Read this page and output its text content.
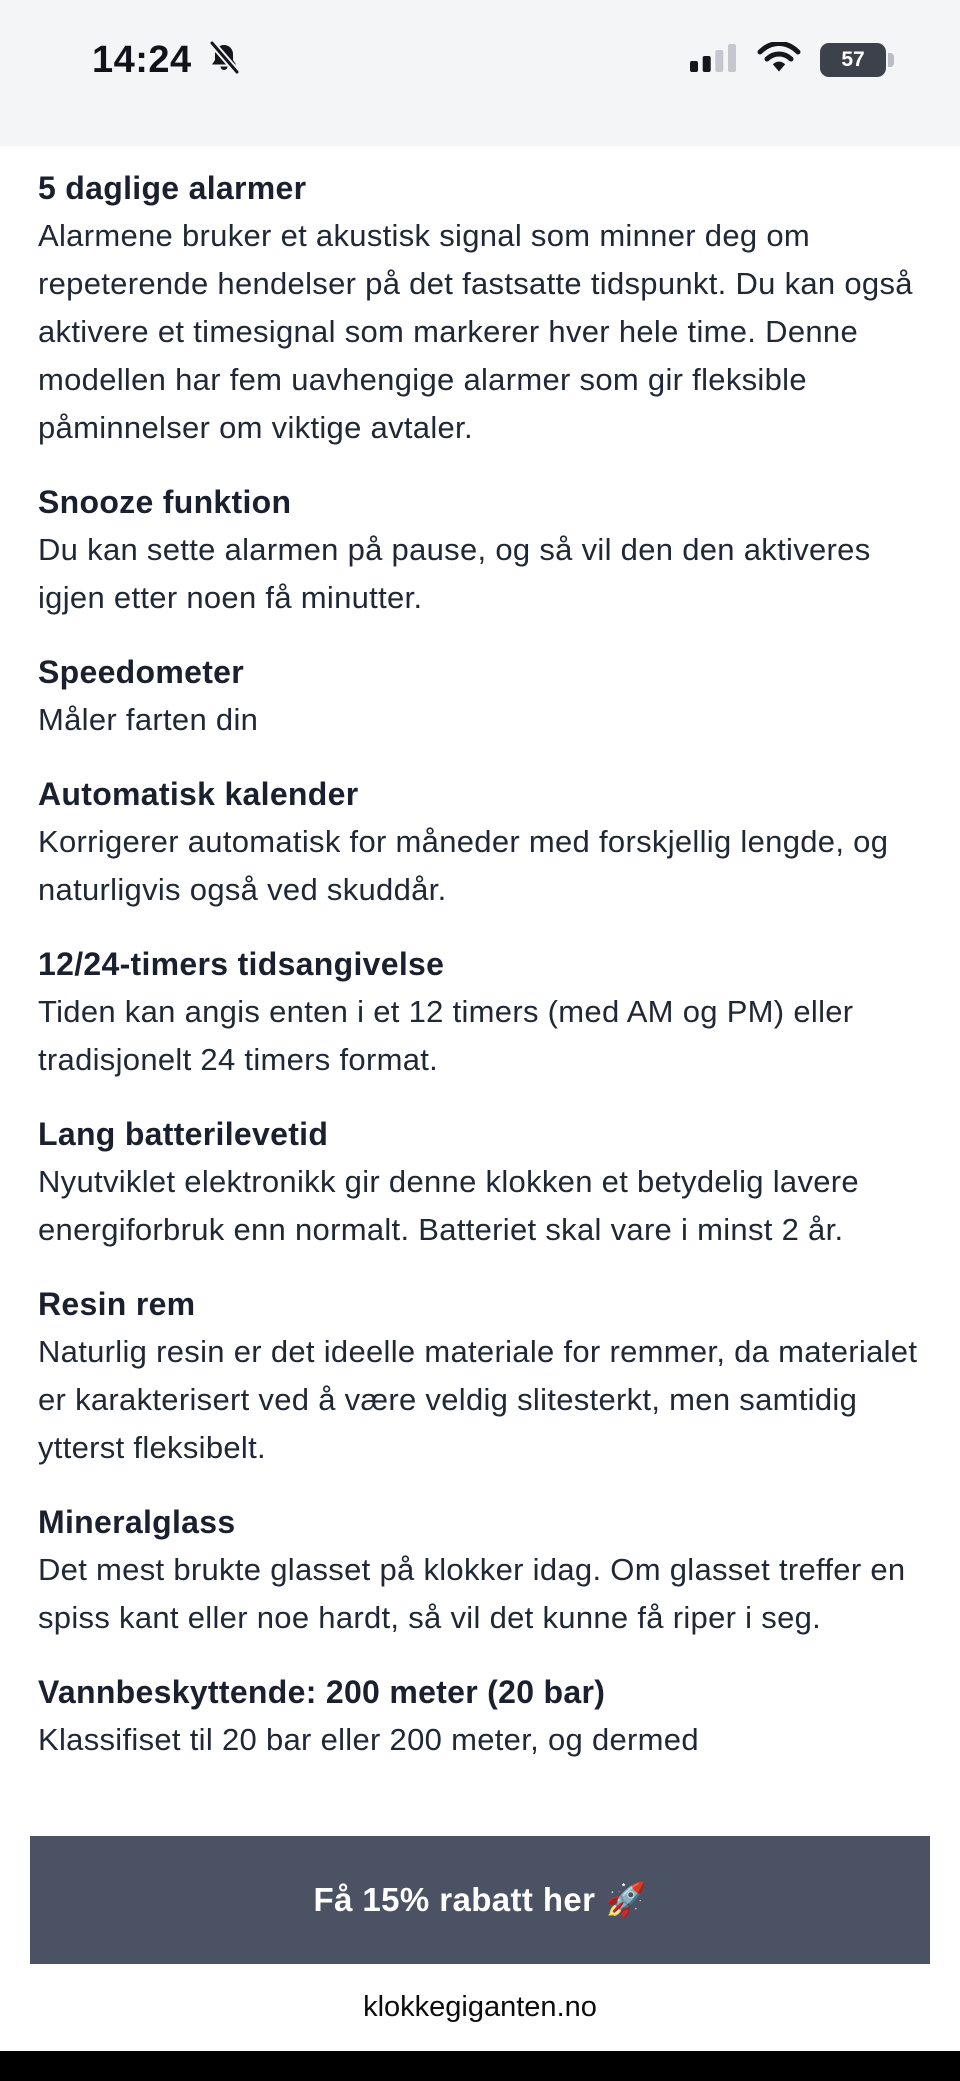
14:24	57
5 daglige alarmer

Alarmene bruker et akustisk signal som minner deg om repeterende hendelser på det fastsatte tidspunkt. Du kan også aktivere et timesignal som markerer hver hele time. Denne modellen har fem uavhengige alarmer som gir fleksible påminnelser om viktige avtaler.

Snooze funktion

Du kan sette alarmen på pause, og så vil den den aktiveres igjen etter noen få minutter.

Speedometer

Måler farten din

Automatisk kalender

Korrigerer automatisk for måneder med forskjellig lengde, og naturligvis også ved skuddår.

12/24-timers tidsangivelse

Tiden kan angis enten i et 12 timers (med AM og PM) eller tradisjonelt 24 timers format.

Lang batterilevetid

Nyutviklet elektronikk gir denne klokken et betydelig lavere energiforbruk enn normalt. Batteriet skal vare i minst 2 år.

Resin rem

Naturlig resin er det ideelle materiale for remmer, da materialet er karakterisert ved å være veldig slitesterkt, men samtidig ytterst fleksibelt.

Mineralglass

Det mest brukte glasset på klokker idag. Om glasset treffer en spiss kant eller noe hardt, så vil det kunne få riper i seg.

Vannbeskyttende: 200 meter (20 bar)

Klassifiset til 20 bar eller 200 meter, og dermed

Få 15% rabatt her 🚀
klokkegiganten.no
